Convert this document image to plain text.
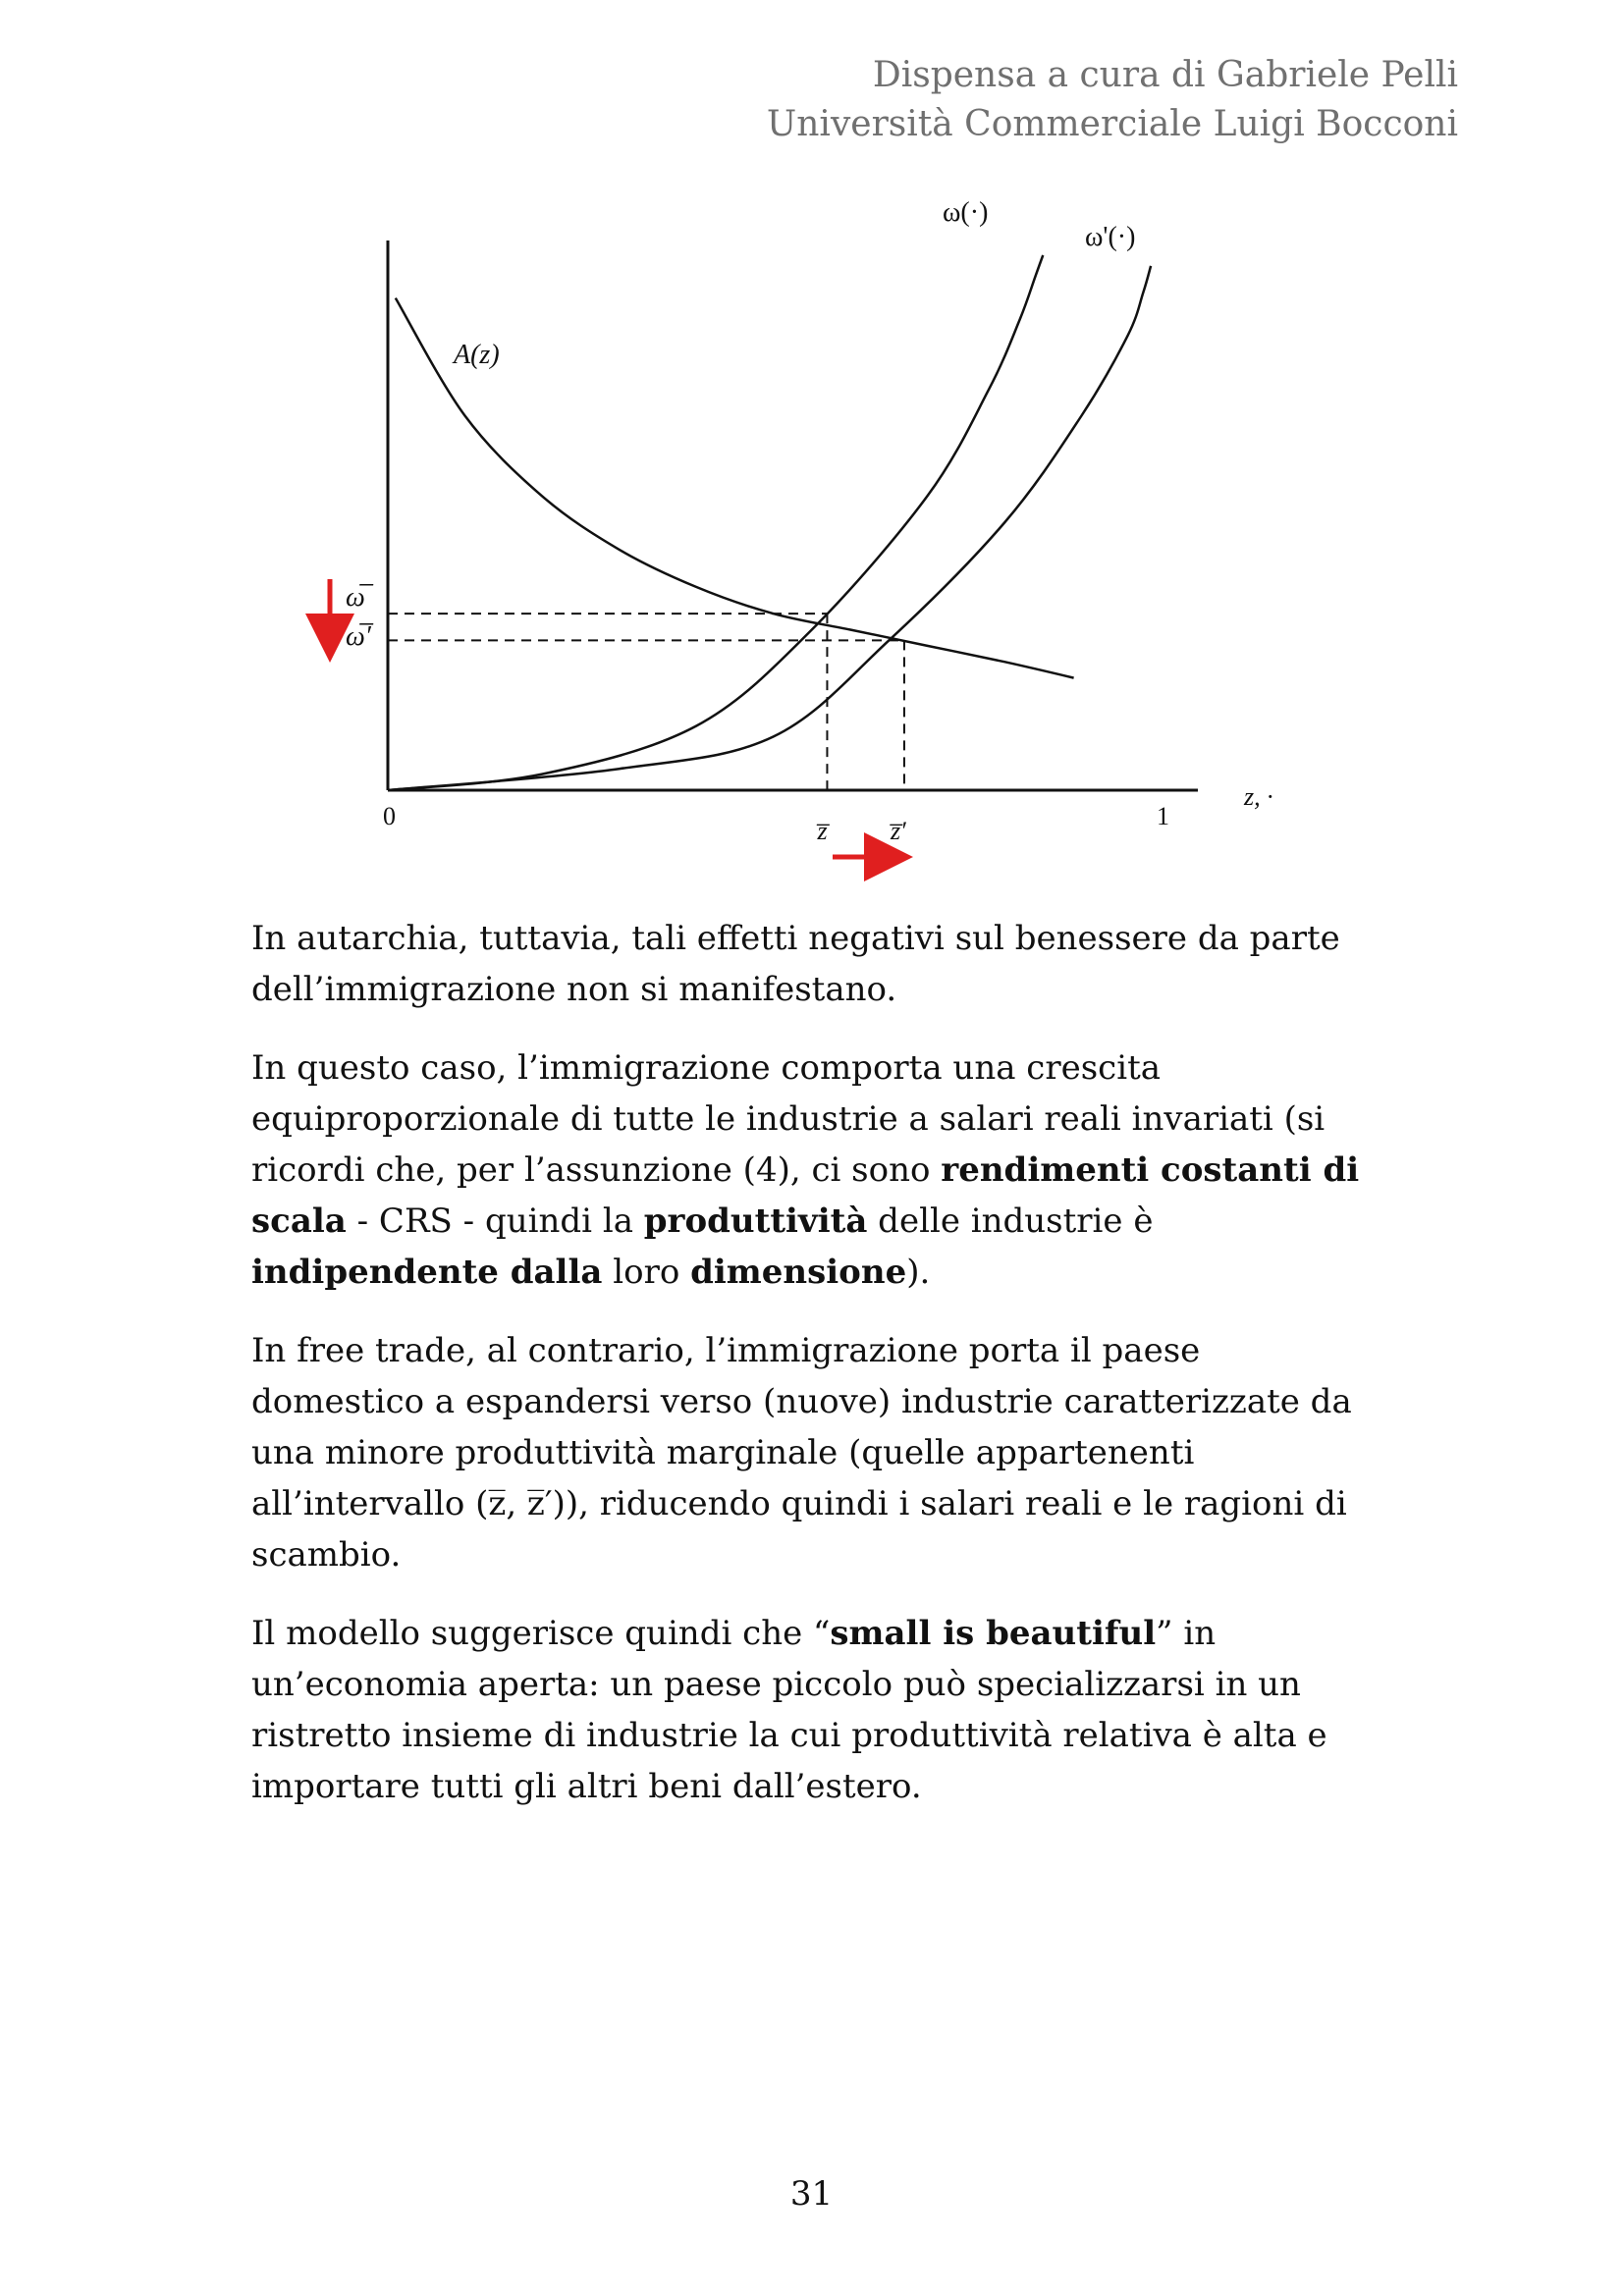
Dispensa a cura di Gabriele Pelli
Università Commerciale Luigi Bocconi
A(z)
ω(·)
ω'(·)
ω̅
ω̅′
0	1
z, ·
z̅ z̅′

In autarchia, tuttavia, tali effetti negativi sul benessere da parte dell’immigrazione non si manifestano.

In questo caso, l’immigrazione comporta una crescita equiproporzionale di tutte le industrie a salari reali invariati (si ricordi che, per l’assunzione (4), ci sono rendimenti costanti di scala - CRS - quindi la produttività delle industrie è indipendente dalla loro dimensione).

In free trade, al contrario, l’immigrazione porta il paese domestico a espandersi verso (nuove) industrie caratterizzate da una minore produttività marginale (quelle appartenenti all’intervallo (z̅, z̅′)), riducendo quindi i salari reali e le ragioni di scambio.

Il modello suggerisce quindi che “small is beautiful” in un’economia aperta: un paese piccolo può specializzarsi in un ristretto insieme di industrie la cui produttività relativa è alta e importare tutti gli altri beni dall’estero.

31
